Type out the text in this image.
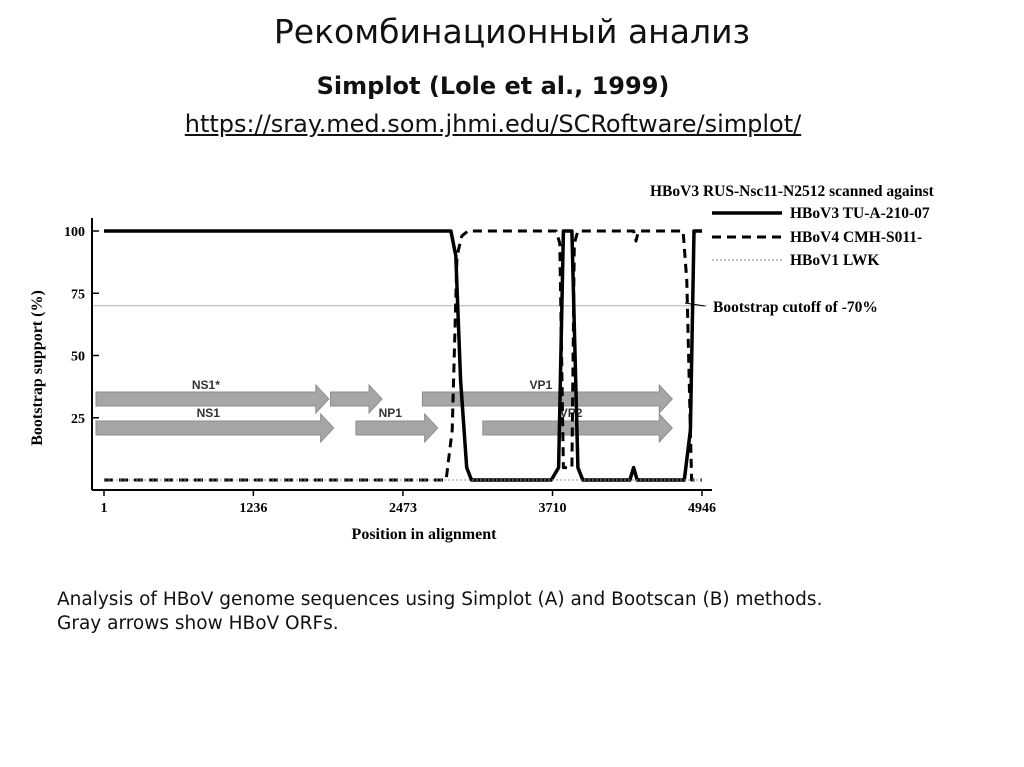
Рекомбинационный анализ
Simplot (Lole et al., 1999)
https://sray.med.som.jhmi.edu/SCRoftware/simplot/
NS1*	VP1
NS1	NP1	VP2
100
75
50
25
1	1236	2473	3710	4946
Position in alignment
Bootstrap support (%)
HBoV3 RUS-Nsc11-N2512 scanned against
HBoV3 TU-A-210-07
HBoV4 CMH-S011-
HBoV1 LWK
Bootstrap cutoff of -70%
Analysis of HBoV genome sequences using Simplot (A) and Bootscan (B) methods.
Gray arrows show HBoV ORFs.
